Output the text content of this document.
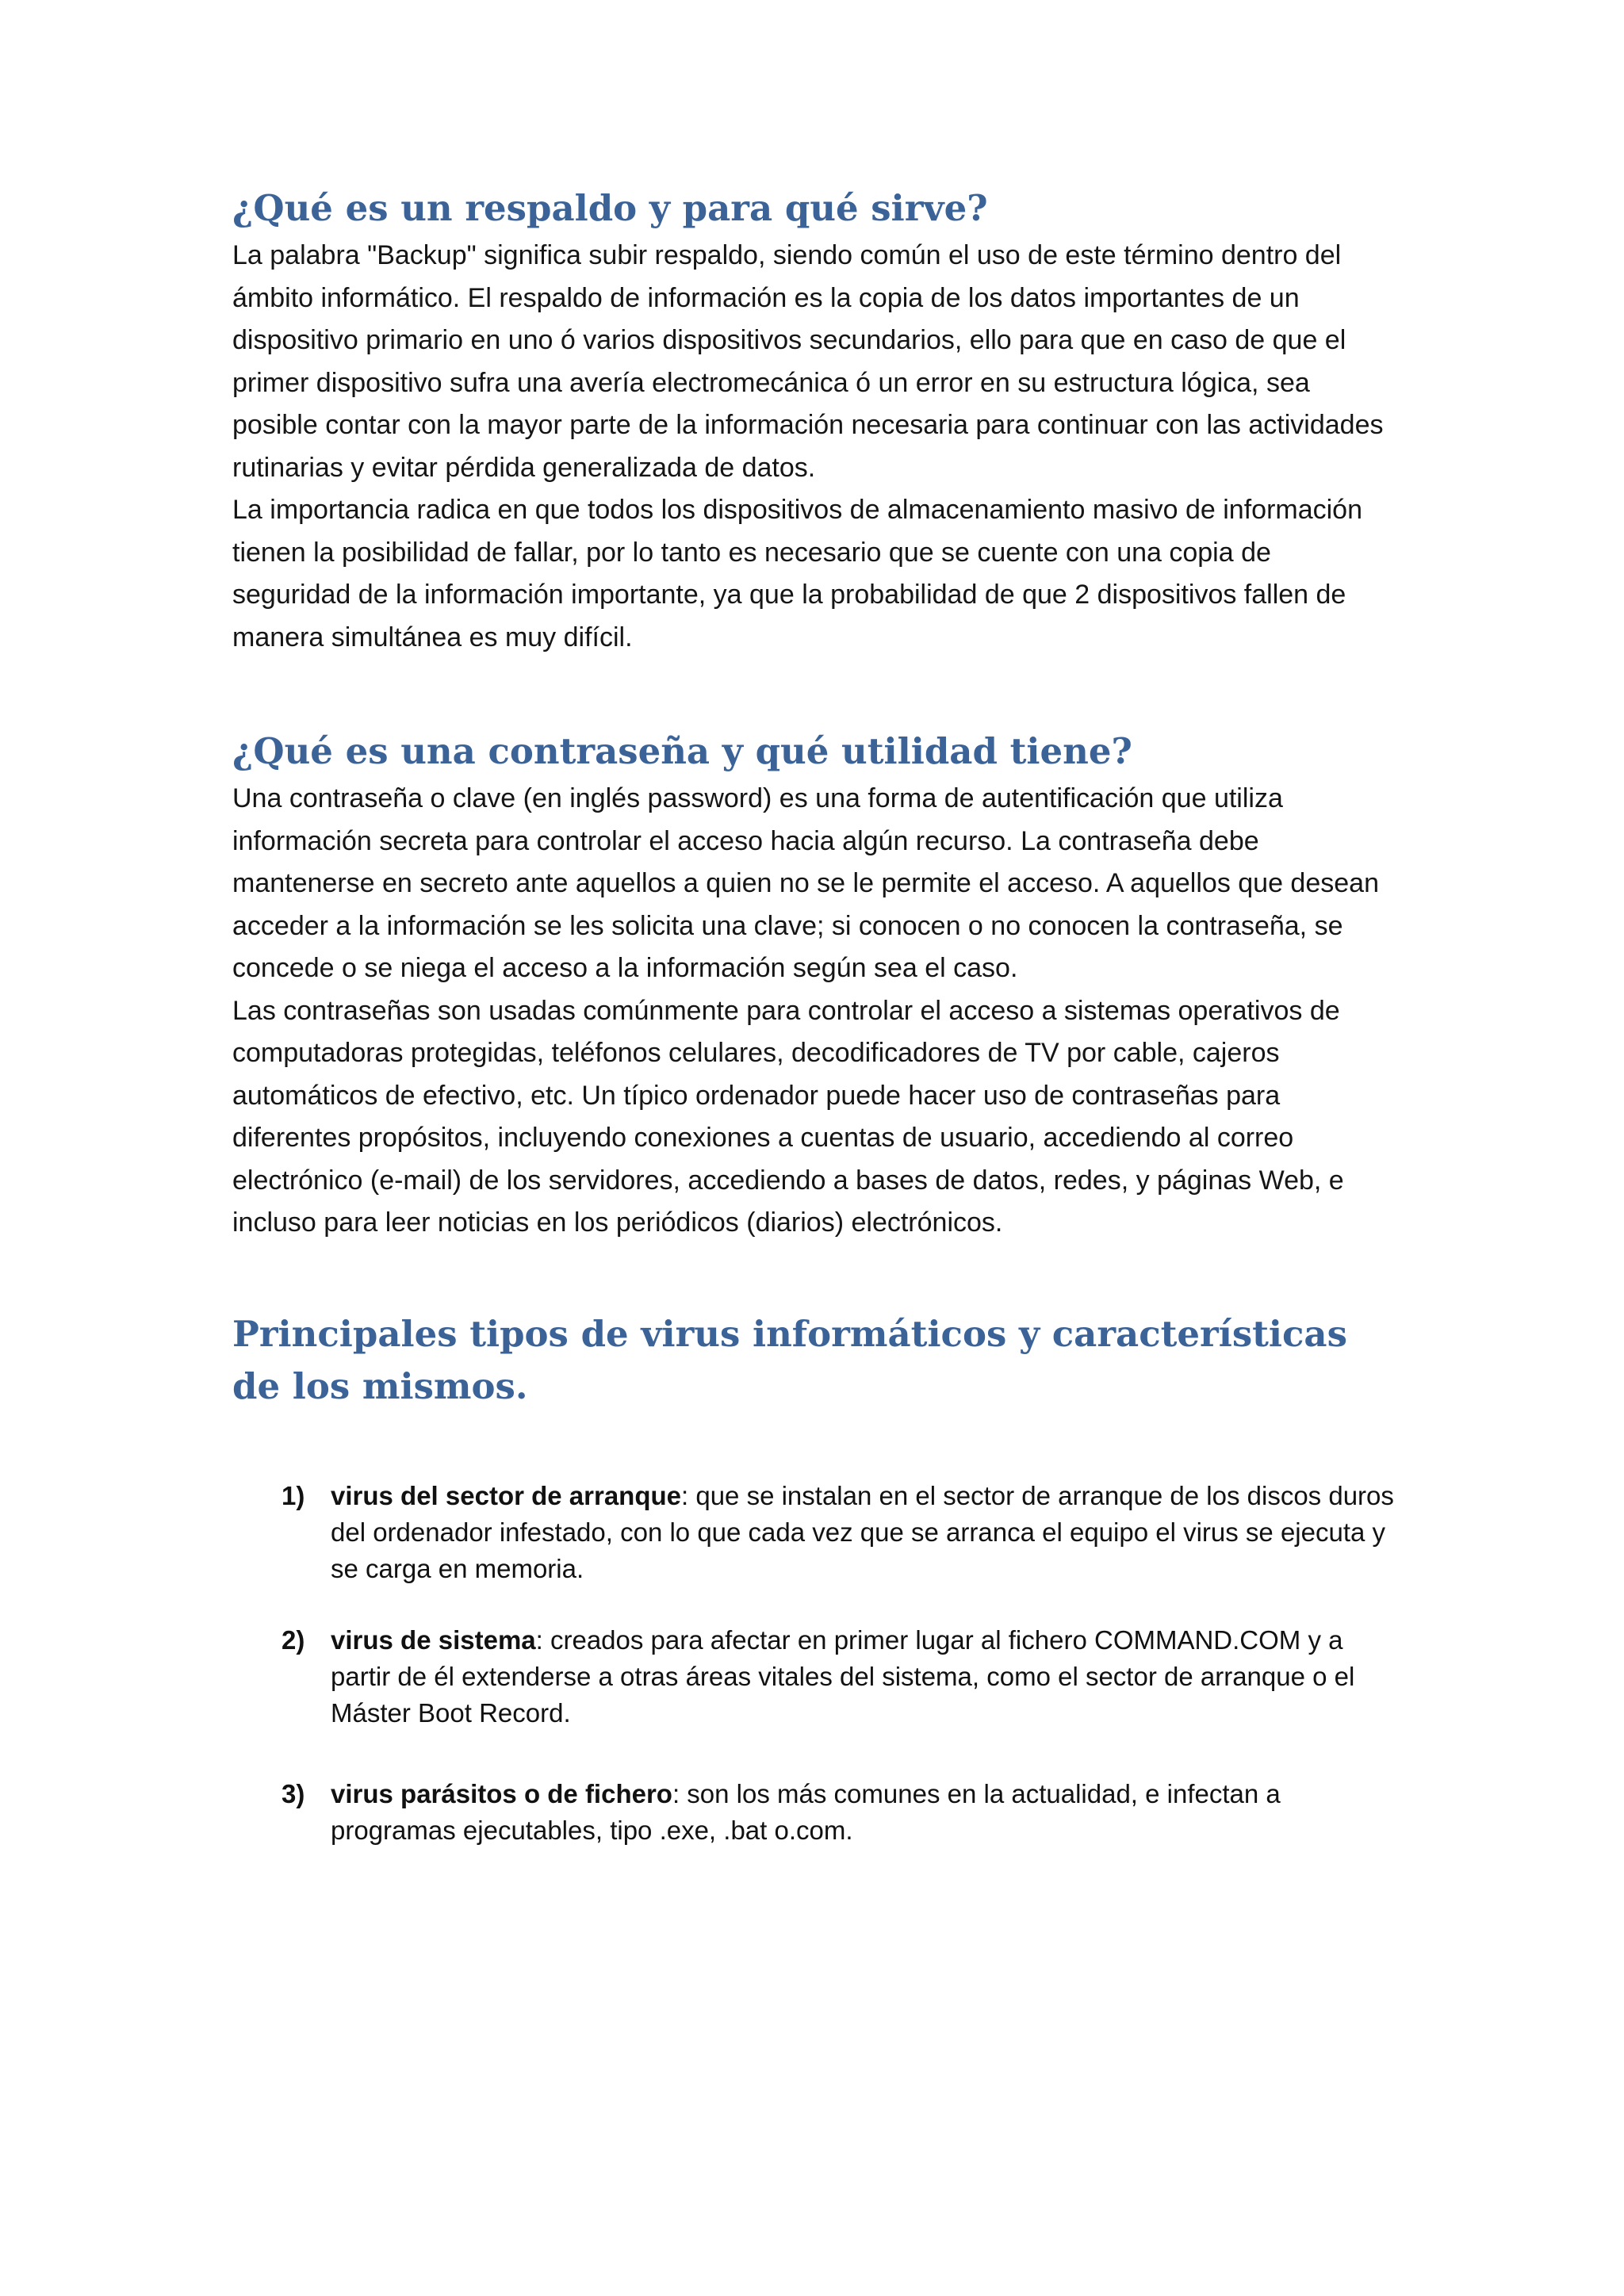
¿Qué es un respaldo y para qué sirve?

La palabra "Backup" significa subir respaldo, siendo común el uso de este término dentro del ámbito informático. El respaldo de información es la copia de los datos importantes de un dispositivo primario en uno ó varios dispositivos secundarios, ello para que en caso de que el primer dispositivo sufra una avería electromecánica ó un error en su estructura lógica, sea posible contar con la mayor parte de la información necesaria para continuar con las actividades rutinarias y evitar pérdida generalizada de datos.

La importancia radica en que todos los dispositivos de almacenamiento masivo de información tienen la posibilidad de fallar, por lo tanto es necesario que se cuente con una copia de seguridad de la información importante, ya que la probabilidad de que 2 dispositivos fallen de manera simultánea es muy difícil.

¿Qué es una contraseña y qué utilidad tiene?

Una contraseña o clave (en inglés password) es una forma de autentificación que utiliza información secreta para controlar el acceso hacia algún recurso. La contraseña debe mantenerse en secreto ante aquellos a quien no se le permite el acceso. A aquellos que desean acceder a la información se les solicita una clave; si conocen o no conocen la contraseña, se concede o se niega el acceso a la información según sea el caso.

Las contraseñas son usadas comúnmente para controlar el acceso a sistemas operativos de computadoras protegidas, teléfonos celulares, decodificadores de TV por cable, cajeros automáticos de efectivo, etc. Un típico ordenador puede hacer uso de contraseñas para diferentes propósitos, incluyendo conexiones a cuentas de usuario, accediendo al correo electrónico (e-mail) de los servidores, accediendo a bases de datos, redes, y páginas Web, e incluso para leer noticias en los periódicos (diarios) electrónicos.

Principales tipos de virus informáticos y características de los mismos.
1) virus del sector de arranque: que se instalan en el sector de arranque de los discos duros del ordenador infestado, con lo que cada vez que se arranca el equipo el virus se ejecuta y se carga en memoria.
2) virus de sistema: creados para afectar en primer lugar al fichero COMMAND.COM y a partir de él extenderse a otras áreas vitales del sistema, como el sector de arranque o el Máster Boot Record.
3) virus parásitos o de fichero: son los más comunes en la actualidad, e infectan a programas ejecutables, tipo .exe, .bat o.com.
